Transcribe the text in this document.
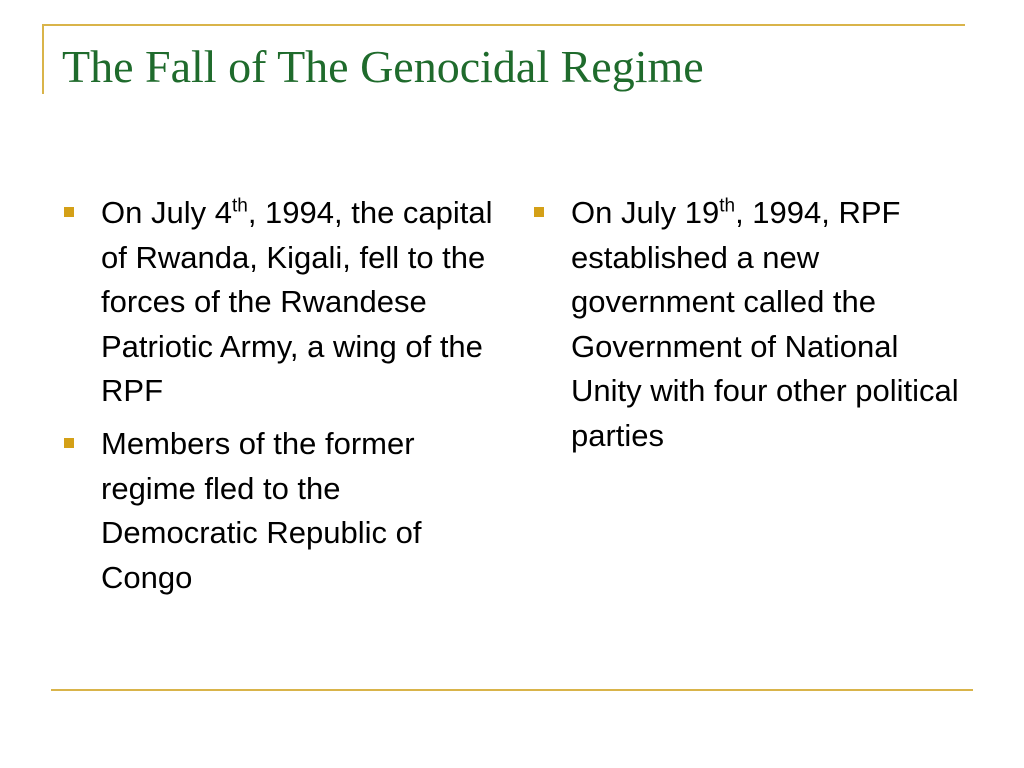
The Fall of The Genocidal Regime
On July 4th, 1994, the capital of Rwanda, Kigali, fell to the forces of the Rwandese Patriotic Army, a wing of the RPF
Members of the former regime fled to the Democratic Republic of Congo
On July 19th, 1994, RPF established a new government called the Government of National Unity with four other political parties
